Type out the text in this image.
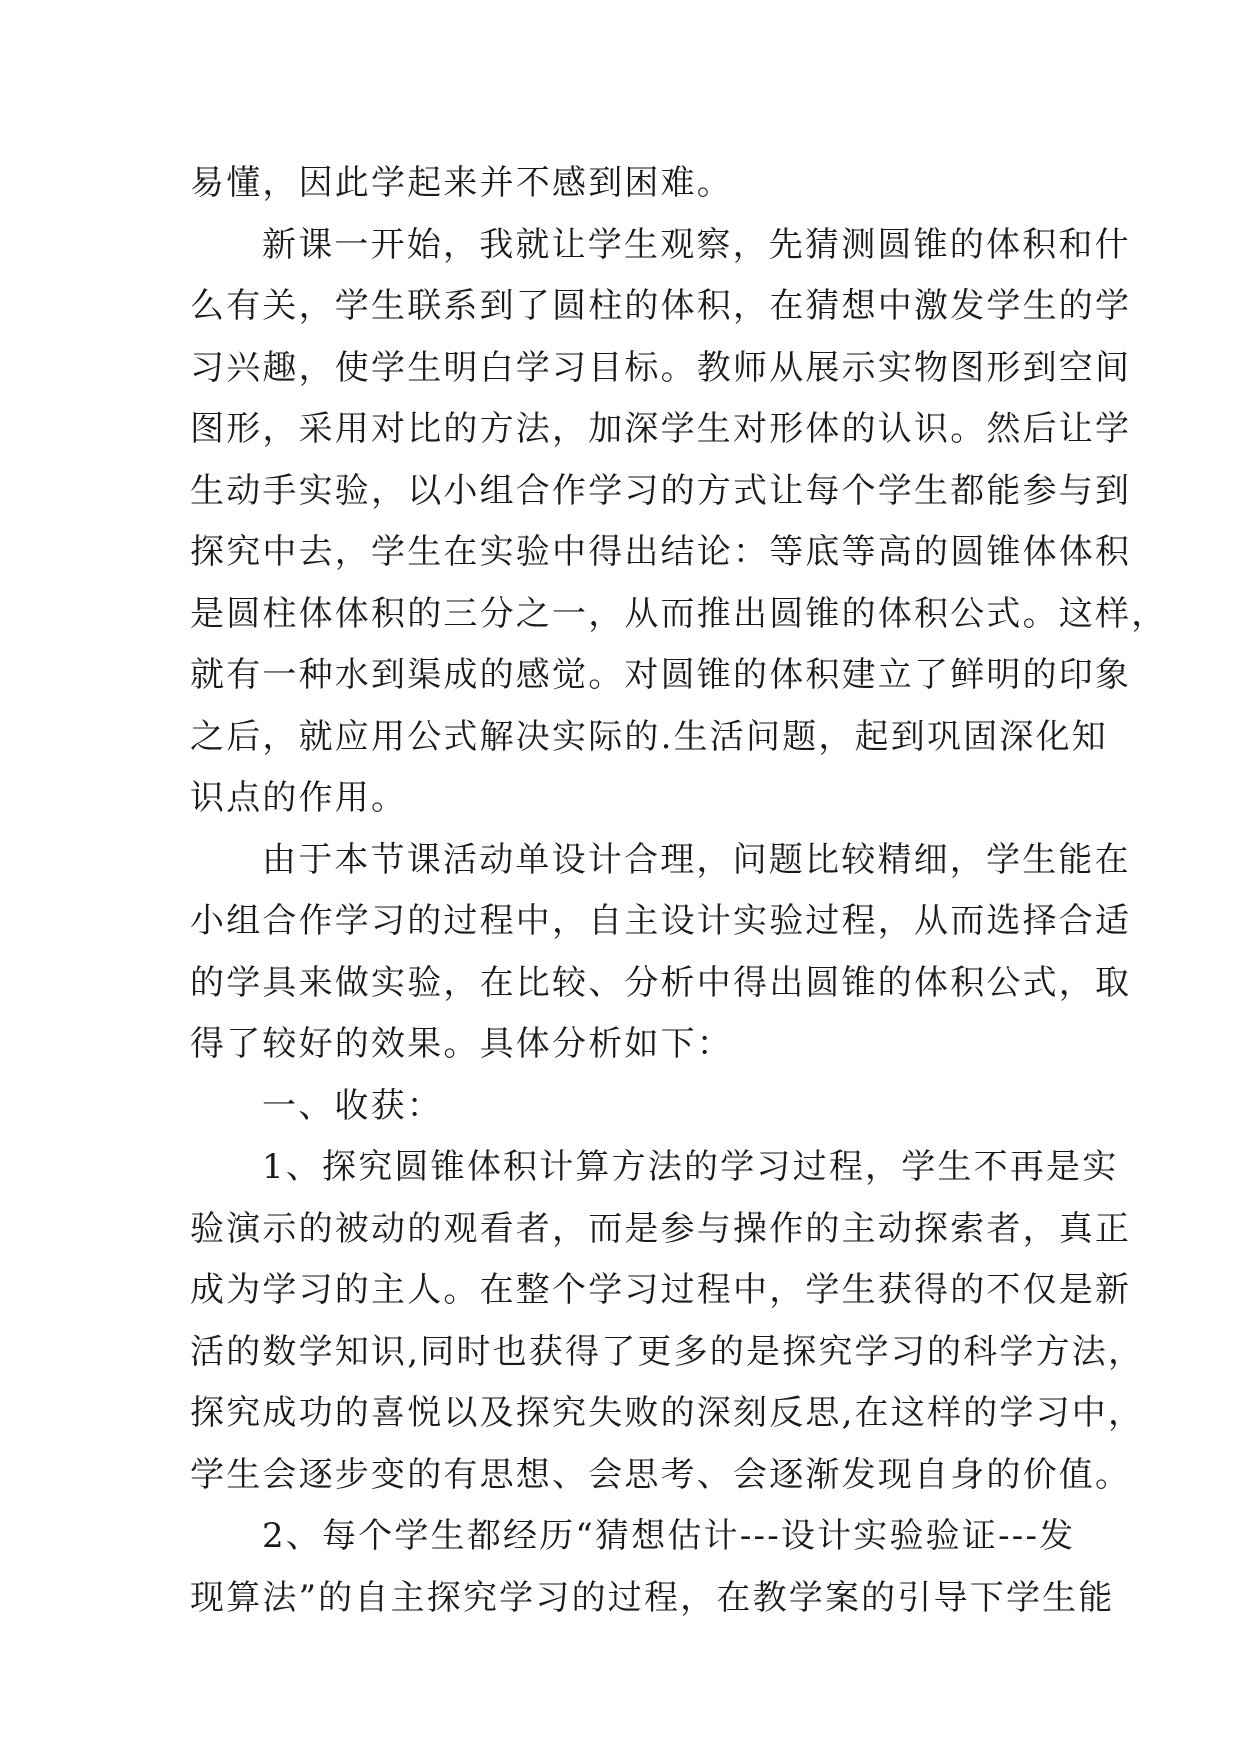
易懂，因此学起来并不感到困难。
新课一开始，我就让学生观察，先猜测圆锥的体积和什
么有关，学生联系到了圆柱的体积，在猜想中激发学生的学
习兴趣，使学生明白学习目标。教师从展示实物图形到空间
图形，采用对比的方法，加深学生对形体的认识。然后让学
生动手实验，以小组合作学习的方式让每个学生都能参与到
探究中去，学生在实验中得出结论：等底等高的圆锥体体积
是圆柱体体积的三分之一，从而推出圆锥的体积公式。这样，
就有一种水到渠成的感觉。对圆锥的体积建立了鲜明的印象
之后，就应用公式解决实际的.生活问题，起到巩固深化知
识点的作用。
由于本节课活动单设计合理，问题比较精细，学生能在
小组合作学习的过程中，自主设计实验过程，从而选择合适
的学具来做实验，在比较、分析中得出圆锥的体积公式，取
得了较好的效果。具体分析如下：
一、收获：
1、探究圆锥体积计算方法的学习过程，学生不再是实
验演示的被动的观看者，而是参与操作的主动探索者，真正
成为学习的主人。在整个学习过程中，学生获得的不仅是新
活的数学知识,同时也获得了更多的是探究学习的科学方法，
探究成功的喜悦以及探究失败的深刻反思,在这样的学习中，
学生会逐步变的有思想、会思考、会逐渐发现自身的价值。
2、每个学生都经历“猜想估计---设计实验验证---发
现算法”的自主探究学习的过程，在教学案的引导下学生能
